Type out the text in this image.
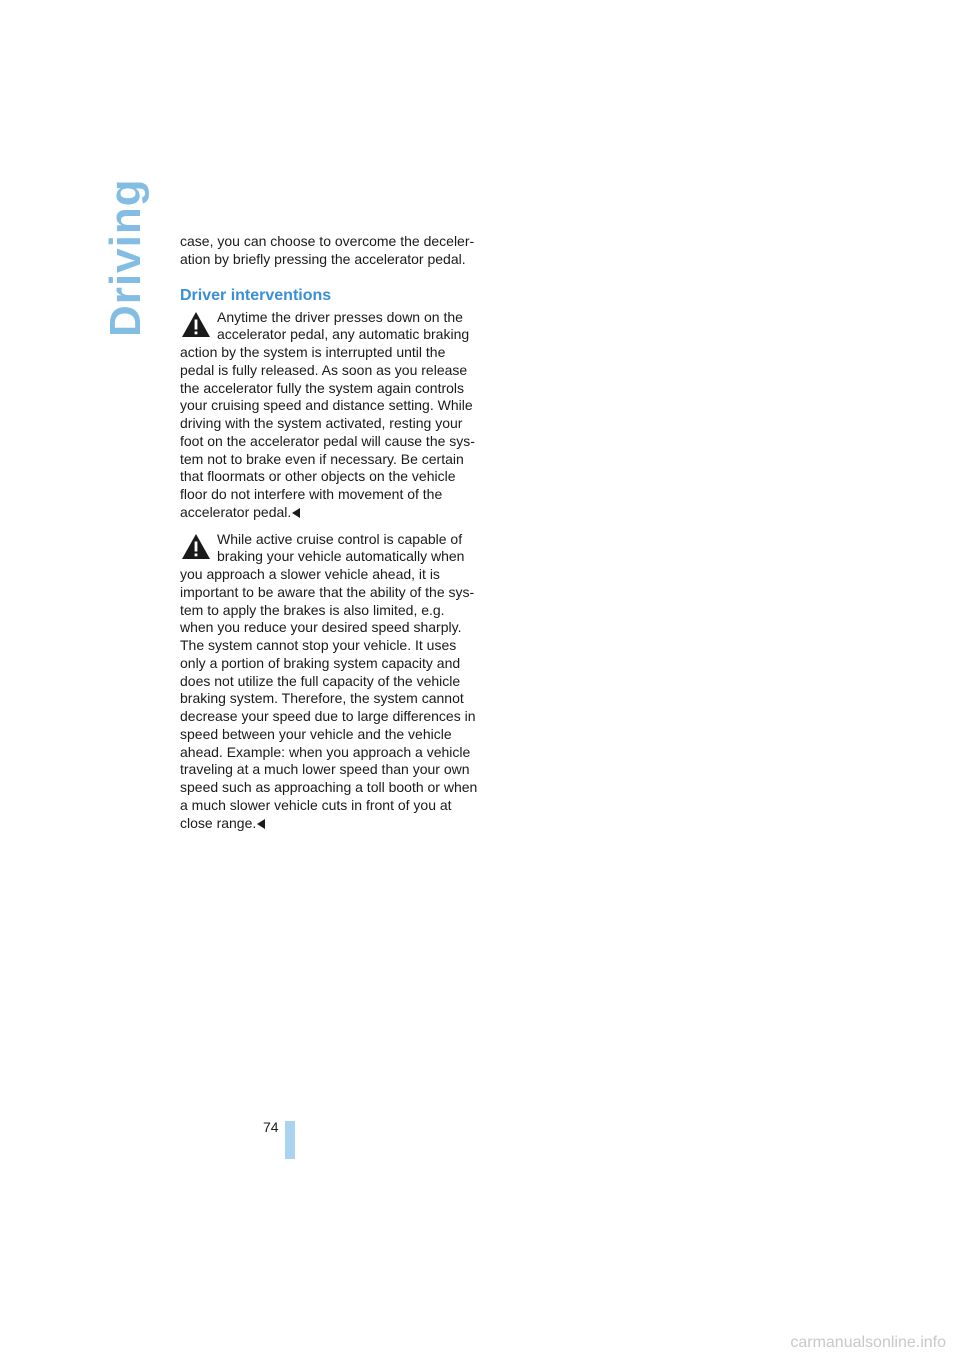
Driving case, you can choose to overcome the deceler-ation by briefly pressing the accelerator pedal.

Driver interventions
Anytime the driver presses down on the accelerator pedal, any automatic braking action by the system is interrupted until the pedal is fully released. As soon as you release the accelerator fully the system again controls your cruising speed and distance setting. While driving with the system activated, resting your foot on the accelerator pedal will cause the sys-tem not to brake even if necessary. Be certain that floormats or other objects on the vehicle floor do not interfere with movement of the accelerator pedal.
While active cruise control is capable of braking your vehicle automatically when you approach a slower vehicle ahead, it is important to be aware that the ability of the sys-tem to apply the brakes is also limited, e.g. when you reduce your desired speed sharply. The system cannot stop your vehicle. It uses only a portion of braking system capacity and does not utilize the full capacity of the vehicle braking system. Therefore, the system cannot decrease your speed due to large differences in speed between your vehicle and the vehicle ahead. Example: when you approach a vehicle traveling at a much lower speed than your own speed such as approaching a toll booth or when a much slower vehicle cuts in front of you at close range.
74
carmanualsonline.info
